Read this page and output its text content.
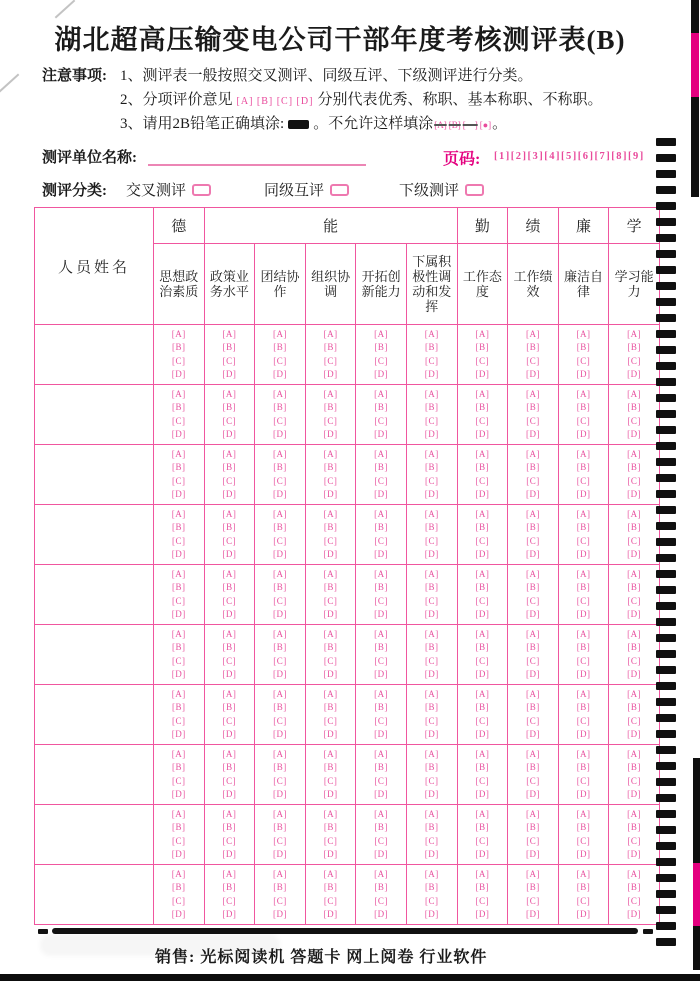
湖北超高压输变电公司干部年度考核测评表(B)
注意事项: 1、测评表一般按照交叉测评、同级互评、下级测评进行分类。
2、分项评价意见 [A] [B] [C] [D] 分别代表优秀、称职、基本称职、不称职。
3、请用2B铅笔正确填涂: 。不允许这样填涂[A] [B] [—] [●]。
测评单位名称:	页码: [1][2][3][4][5][6][7][8][9]
测评分类:
人员姓名	德	能					勤	绩	廉	学
	思想政治素质	政策业务水平	团结协作	组织协调	开拓创新能力	下属积极性调动和发挥	工作态度	工作绩效	廉洁自律	学习能力

	[A]
[B]
[C]
[D]	[A]
[B]
[C]
[D]	[A]
[B]
[C]
[D]	[A]
[B]
[C]
[D]	[A]
[B]
[C]
[D]	[A]
[B]
[C]
[D]	[A]
[B]
[C]
[D]	[A]
[B]
[C]
[D]	[A]
[B]
[C]
[D]	[A]
[B]
[C]
[D]

	[A]
[B]
[C]
[D]	[A]
[B]
[C]
[D]	[A]
[B]
[C]
[D]	[A]
[B]
[C]
[D]	[A]
[B]
[C]
[D]	[A]
[B]
[C]
[D]	[A]
[B]
[C]
[D]	[A]
[B]
[C]
[D]	[A]
[B]
[C]
[D]	[A]
[B]
[C]
[D]

	[A]
[B]
[C]
[D]	[A]
[B]
[C]
[D]	[A]
[B]
[C]
[D]	[A]
[B]
[C]
[D]	[A]
[B]
[C]
[D]	[A]
[B]
[C]
[D]	[A]
[B]
[C]
[D]	[A]
[B]
[C]
[D]	[A]
[B]
[C]
[D]	[A]
[B]
[C]
[D]

	[A]
[B]
[C]
[D]	[A]
[B]
[C]
[D]	[A]
[B]
[C]
[D]	[A]
[B]
[C]
[D]	[A]
[B]
[C]
[D]	[A]
[B]
[C]
[D]	[A]
[B]
[C]
[D]	[A]
[B]
[C]
[D]	[A]
[B]
[C]
[D]	[A]
[B]
[C]
[D]

	[A]
[B]
[C]
[D]	[A]
[B]
[C]
[D]	[A]
[B]
[C]
[D]	[A]
[B]
[C]
[D]	[A]
[B]
[C]
[D]	[A]
[B]
[C]
[D]	[A]
[B]
[C]
[D]	[A]
[B]
[C]
[D]	[A]
[B]
[C]
[D]	[A]
[B]
[C]
[D]

	[A]
[B]
[C]
[D]	[A]
[B]
[C]
[D]	[A]
[B]
[C]
[D]	[A]
[B]
[C]
[D]	[A]
[B]
[C]
[D]	[A]
[B]
[C]
[D]	[A]
[B]
[C]
[D]	[A]
[B]
[C]
[D]	[A]
[B]
[C]
[D]	[A]
[B]
[C]
[D]

	[A]
[B]
[C]
[D]	[A]
[B]
[C]
[D]	[A]
[B]
[C]
[D]	[A]
[B]
[C]
[D]	[A]
[B]
[C]
[D]	[A]
[B]
[C]
[D]	[A]
[B]
[C]
[D]	[A]
[B]
[C]
[D]	[A]
[B]
[C]
[D]	[A]
[B]
[C]
[D]

	[A]
[B]
[C]
[D]	[A]
[B]
[C]
[D]	[A]
[B]
[C]
[D]	[A]
[B]
[C]
[D]	[A]
[B]
[C]
[D]	[A]
[B]
[C]
[D]	[A]
[B]
[C]
[D]	[A]
[B]
[C]
[D]	[A]
[B]
[C]
[D]	[A]
[B]
[C]
[D]

	[A]
[B]
[C]
[D]	[A]
[B]
[C]
[D]	[A]
[B]
[C]
[D]	[A]
[B]
[C]
[D]	[A]
[B]
[C]
[D]	[A]
[B]
[C]
[D]	[A]
[B]
[C]
[D]	[A]
[B]
[C]
[D]	[A]
[B]
[C]
[D]	[A]
[B]
[C]
[D]

	[A]
[B]
[C]
[D]	[A]
[B]
[C]
[D]	[A]
[B]
[C]
[D]	[A]
[B]
[C]
[D]	[A]
[B]
[C]
[D]	[A]
[B]
[C]
[D]	[A]
[B]
[C]
[D]	[A]
[B]
[C]
[D]	[A]
[B]
[C]
[D]	[A]
[B]
[C]
[D]
销售: 光标阅读机 答题卡 网上阅卷 行业软件
交叉测评	同级互评	下级测评
